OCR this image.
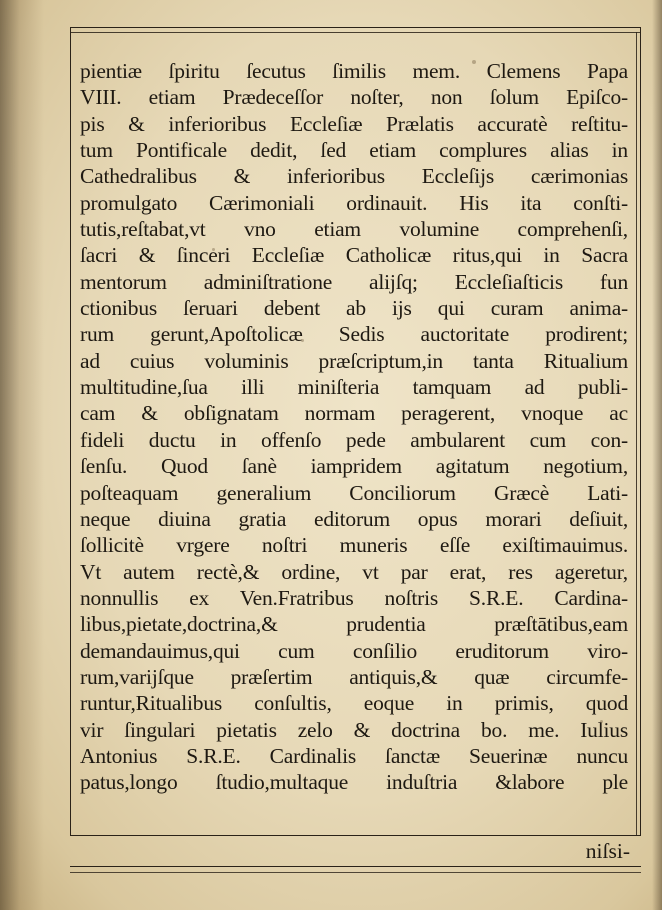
pientiæ ſpiritu ſecutus ſimilis mem. Clemens Papa
VIII. etiam Prædeceſſor noſter, non ſolum Epiſco-
pis & inferioribus Eccleſiæ Prælatis accuratè reſtitu-
tum Pontificale dedit, ſed etiam complures alias in
Cathedralibus & inferioribus Eccleſijs cærimonias
promulgato Cærimoniali ordinauit. His ita conſti-
tutis,reſtabat,vt vno etiam volumine comprehenſi,
ſacri & ſinceri Eccleſiæ Catholicæ ritus,qui in Sacra
mentorum adminiſtratione alijſq; Eccleſiaſticis fun
ctionibus ſeruari debent ab ijs qui curam anima-
rum gerunt,Apoſtolicæ Sedis auctoritate prodirent;
ad cuius voluminis præſcriptum,in tanta Ritualium
multitudine,ſua illi miniſteria tamquam ad publi-
cam & obſignatam normam peragerent, vnoque ac
fideli ductu in offenſo pede ambularent cum con-
ſenſu. Quod ſanè iampridem agitatum negotium,
poſteaquam generalium Conciliorum Græcè Lati-
neque diuina gratia editorum opus morari deſiuit,
ſollicitè vrgere noſtri muneris eſſe exiſtimauimus.
Vt autem rectè,& ordine, vt par erat, res ageretur,
nonnullis ex Ven.Fratribus noſtris S.R.E. Cardina-
libus,pietate,doctrina,& prudentia præſtātibus,eam
demandauimus,qui cum conſilio eruditorum viro-
rum,varijſque præſertim antiquis,& quæ circumfe-
runtur,Ritualibus conſultis, eoque in primis, quod
vir ſingulari pietatis zelo & doctrina bo. me. Iulius
Antonius S.R.E. Cardinalis ſanctæ Seuerinæ nuncu
patus,longo ſtudio,multaque induſtria &labore ple
niſsi-
